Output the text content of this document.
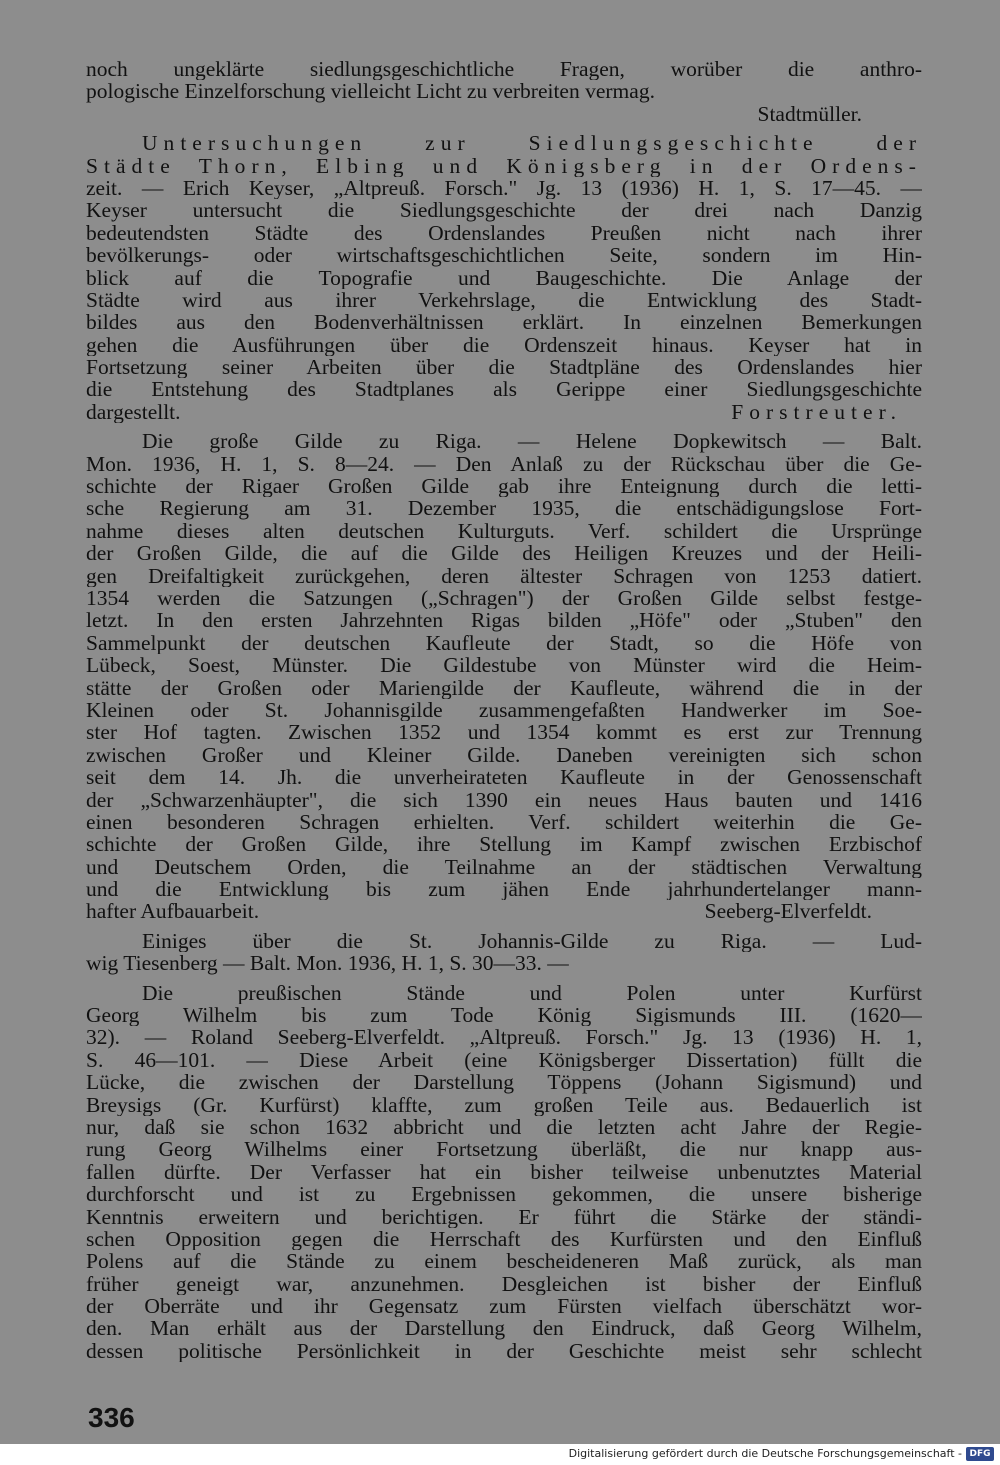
noch ungeklärte siedlungsgeschichtliche Fragen, worüber die anthro-
pologische Einzelforschung vielleicht Licht zu verbreiten vermag.
Stadtmüller.
Untersuchungen zur Siedlungsgeschichte der
Städte Thorn, Elbing und Königsberg in der Ordens-
zeit. — Erich Keyser, „Altpreuß. Forsch." Jg. 13 (1936) H. 1, S. 17—45. —
Keyser untersucht die Siedlungsgeschichte der drei nach Danzig
bedeutendsten Städte des Ordenslandes Preußen nicht nach ihrer
bevölkerungs- oder wirtschaftsgeschichtlichen Seite, sondern im Hin-
blick auf die Topografie und Baugeschichte. Die Anlage der
Städte wird aus ihrer Verkehrslage, die Entwicklung des Stadt-
bildes aus den Bodenverhältnissen erklärt. In einzelnen Bemerkungen
gehen die Ausführungen über die Ordenszeit hinaus. Keyser hat in
Fortsetzung seiner Arbeiten über die Stadtpläne des Ordenslandes hier
die Entstehung des Stadtplanes als Gerippe einer Siedlungsgeschichte
dargestellt.	Forstreuter.
Die große Gilde zu Riga. — Helene Dopkewitsch — Balt.
Mon. 1936, H. 1, S. 8—24. — Den Anlaß zu der Rückschau über die Ge-
schichte der Rigaer Großen Gilde gab ihre Enteignung durch die letti-
sche Regierung am 31. Dezember 1935, die entschädigungslose Fort-
nahme dieses alten deutschen Kulturguts. Verf. schildert die Ursprünge
der Großen Gilde, die auf die Gilde des Heiligen Kreuzes und der Heili-
gen Dreifaltigkeit zurückgehen, deren ältester Schragen von 1253 datiert.
1354 werden die Satzungen („Schragen") der Großen Gilde selbst festge-
letzt. In den ersten Jahrzehnten Rigas bilden „Höfe" oder „Stuben" den
Sammelpunkt der deutschen Kaufleute der Stadt, so die Höfe von
Lübeck, Soest, Münster. Die Gildestube von Münster wird die Heim-
stätte der Großen oder Mariengilde der Kaufleute, während die in der
Kleinen oder St. Johannisgilde zusammengefaßten Handwerker im Soe-
ster Hof tagten. Zwischen 1352 und 1354 kommt es erst zur Trennung
zwischen Großer und Kleiner Gilde. Daneben vereinigten sich schon
seit dem 14. Jh. die unverheirateten Kaufleute in der Genossenschaft
der „Schwarzenhäupter", die sich 1390 ein neues Haus bauten und 1416
einen besonderen Schragen erhielten. Verf. schildert weiterhin die Ge-
schichte der Großen Gilde, ihre Stellung im Kampf zwischen Erzbischof
und Deutschem Orden, die Teilnahme an der städtischen Verwaltung
und die Entwicklung bis zum jähen Ende jahrhundertelanger mann-
hafter Aufbauarbeit.	Seeberg-Elverfeldt.
Einiges über die St. Johannis-Gilde zu Riga. — Lud-
wig Tiesenberg — Balt. Mon. 1936, H. 1, S. 30—33. —
Die preußischen Stände und Polen unter Kurfürst
Georg Wilhelm bis zum Tode König Sigismunds III. (1620—
32). — Roland Seeberg-Elverfeldt. „Altpreuß. Forsch." Jg. 13 (1936) H. 1,
S. 46—101. — Diese Arbeit (eine Königsberger Dissertation) füllt die
Lücke, die zwischen der Darstellung Töppens (Johann Sigismund) und
Breysigs (Gr. Kurfürst) klaffte, zum großen Teile aus. Bedauerlich ist
nur, daß sie schon 1632 abbricht und die letzten acht Jahre der Regie-
rung Georg Wilhelms einer Fortsetzung überläßt, die nur knapp aus-
fallen dürfte. Der Verfasser hat ein bisher teilweise unbenutztes Material
durchforscht und ist zu Ergebnissen gekommen, die unsere bisherige
Kenntnis erweitern und berichtigen. Er führt die Stärke der ständi-
schen Opposition gegen die Herrschaft des Kurfürsten und den Einfluß
Polens auf die Stände zu einem bescheideneren Maß zurück, als man
früher geneigt war, anzunehmen. Desgleichen ist bisher der Einfluß
der Oberräte und ihr Gegensatz zum Fürsten vielfach überschätzt wor-
den. Man erhält aus der Darstellung den Eindruck, daß Georg Wilhelm,
dessen politische Persönlichkeit in der Geschichte meist sehr schlecht
336
Digitalisierung gefördert durch die Deutsche Forschungsgemeinschaft - DFG
